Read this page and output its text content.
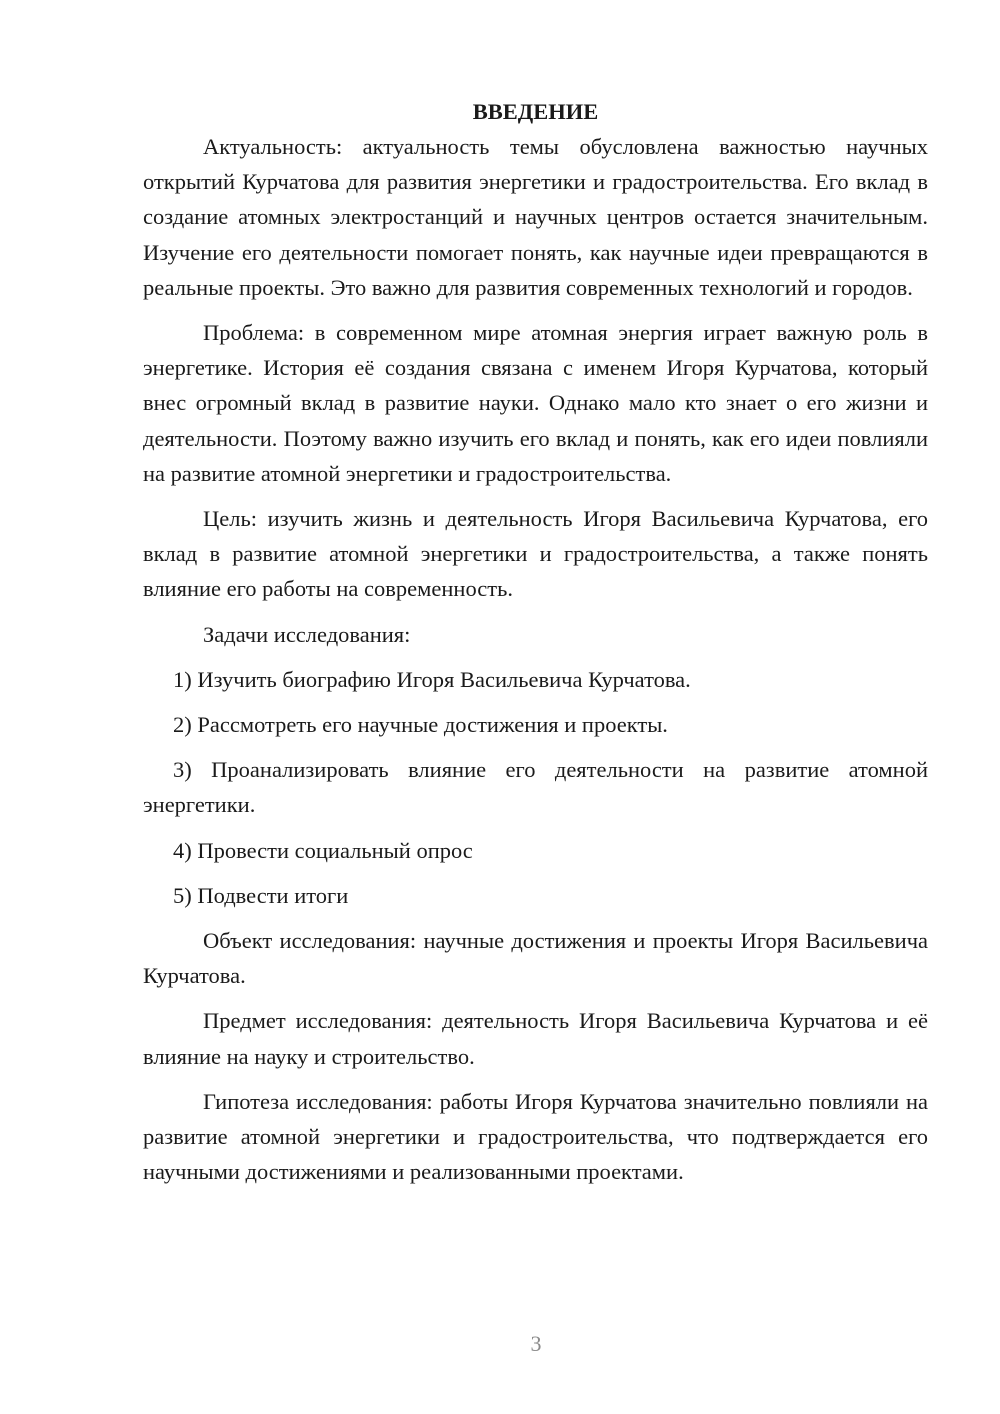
ВВЕДЕНИЕ

Актуальность: актуальность темы обусловлена важностью научных открытий Курчатова для развития энергетики и градостроительства. Его вклад в создание атомных электростанций и научных центров остается значительным. Изучение его деятельности помогает понять, как научные идеи превращаются в реальные проекты. Это важно для развития современных технологий и городов.

Проблема: в современном мире атомная энергия играет важную роль в энергетике. История её создания связана с именем Игоря Курчатова, который внес огромный вклад в развитие науки. Однако мало кто знает о его жизни и деятельности. Поэтому важно изучить его вклад и понять, как его идеи повлияли на развитие атомной энергетики и градостроительства.

Цель: изучить жизнь и деятельность Игоря Васильевича Курчатова, его вклад в развитие атомной энергетики и градостроительства, а также понять влияние его работы на современность.

Задачи исследования:

1) Изучить биографию Игоря Васильевича Курчатова.

2) Рассмотреть его научные достижения и проекты.

3) Проанализировать влияние его деятельности на развитие атомной энергетики.

4) Провести социальный опрос

5) Подвести итоги

Объект исследования: научные достижения и проекты Игоря Васильевича Курчатова.

Предмет исследования: деятельность Игоря Васильевича Курчатова и её влияние на науку и строительство.

Гипотеза исследования: работы Игоря Курчатова значительно повлияли на развитие атомной энергетики и градостроительства, что подтверждается его научными достижениями и реализованными проектами.

3
